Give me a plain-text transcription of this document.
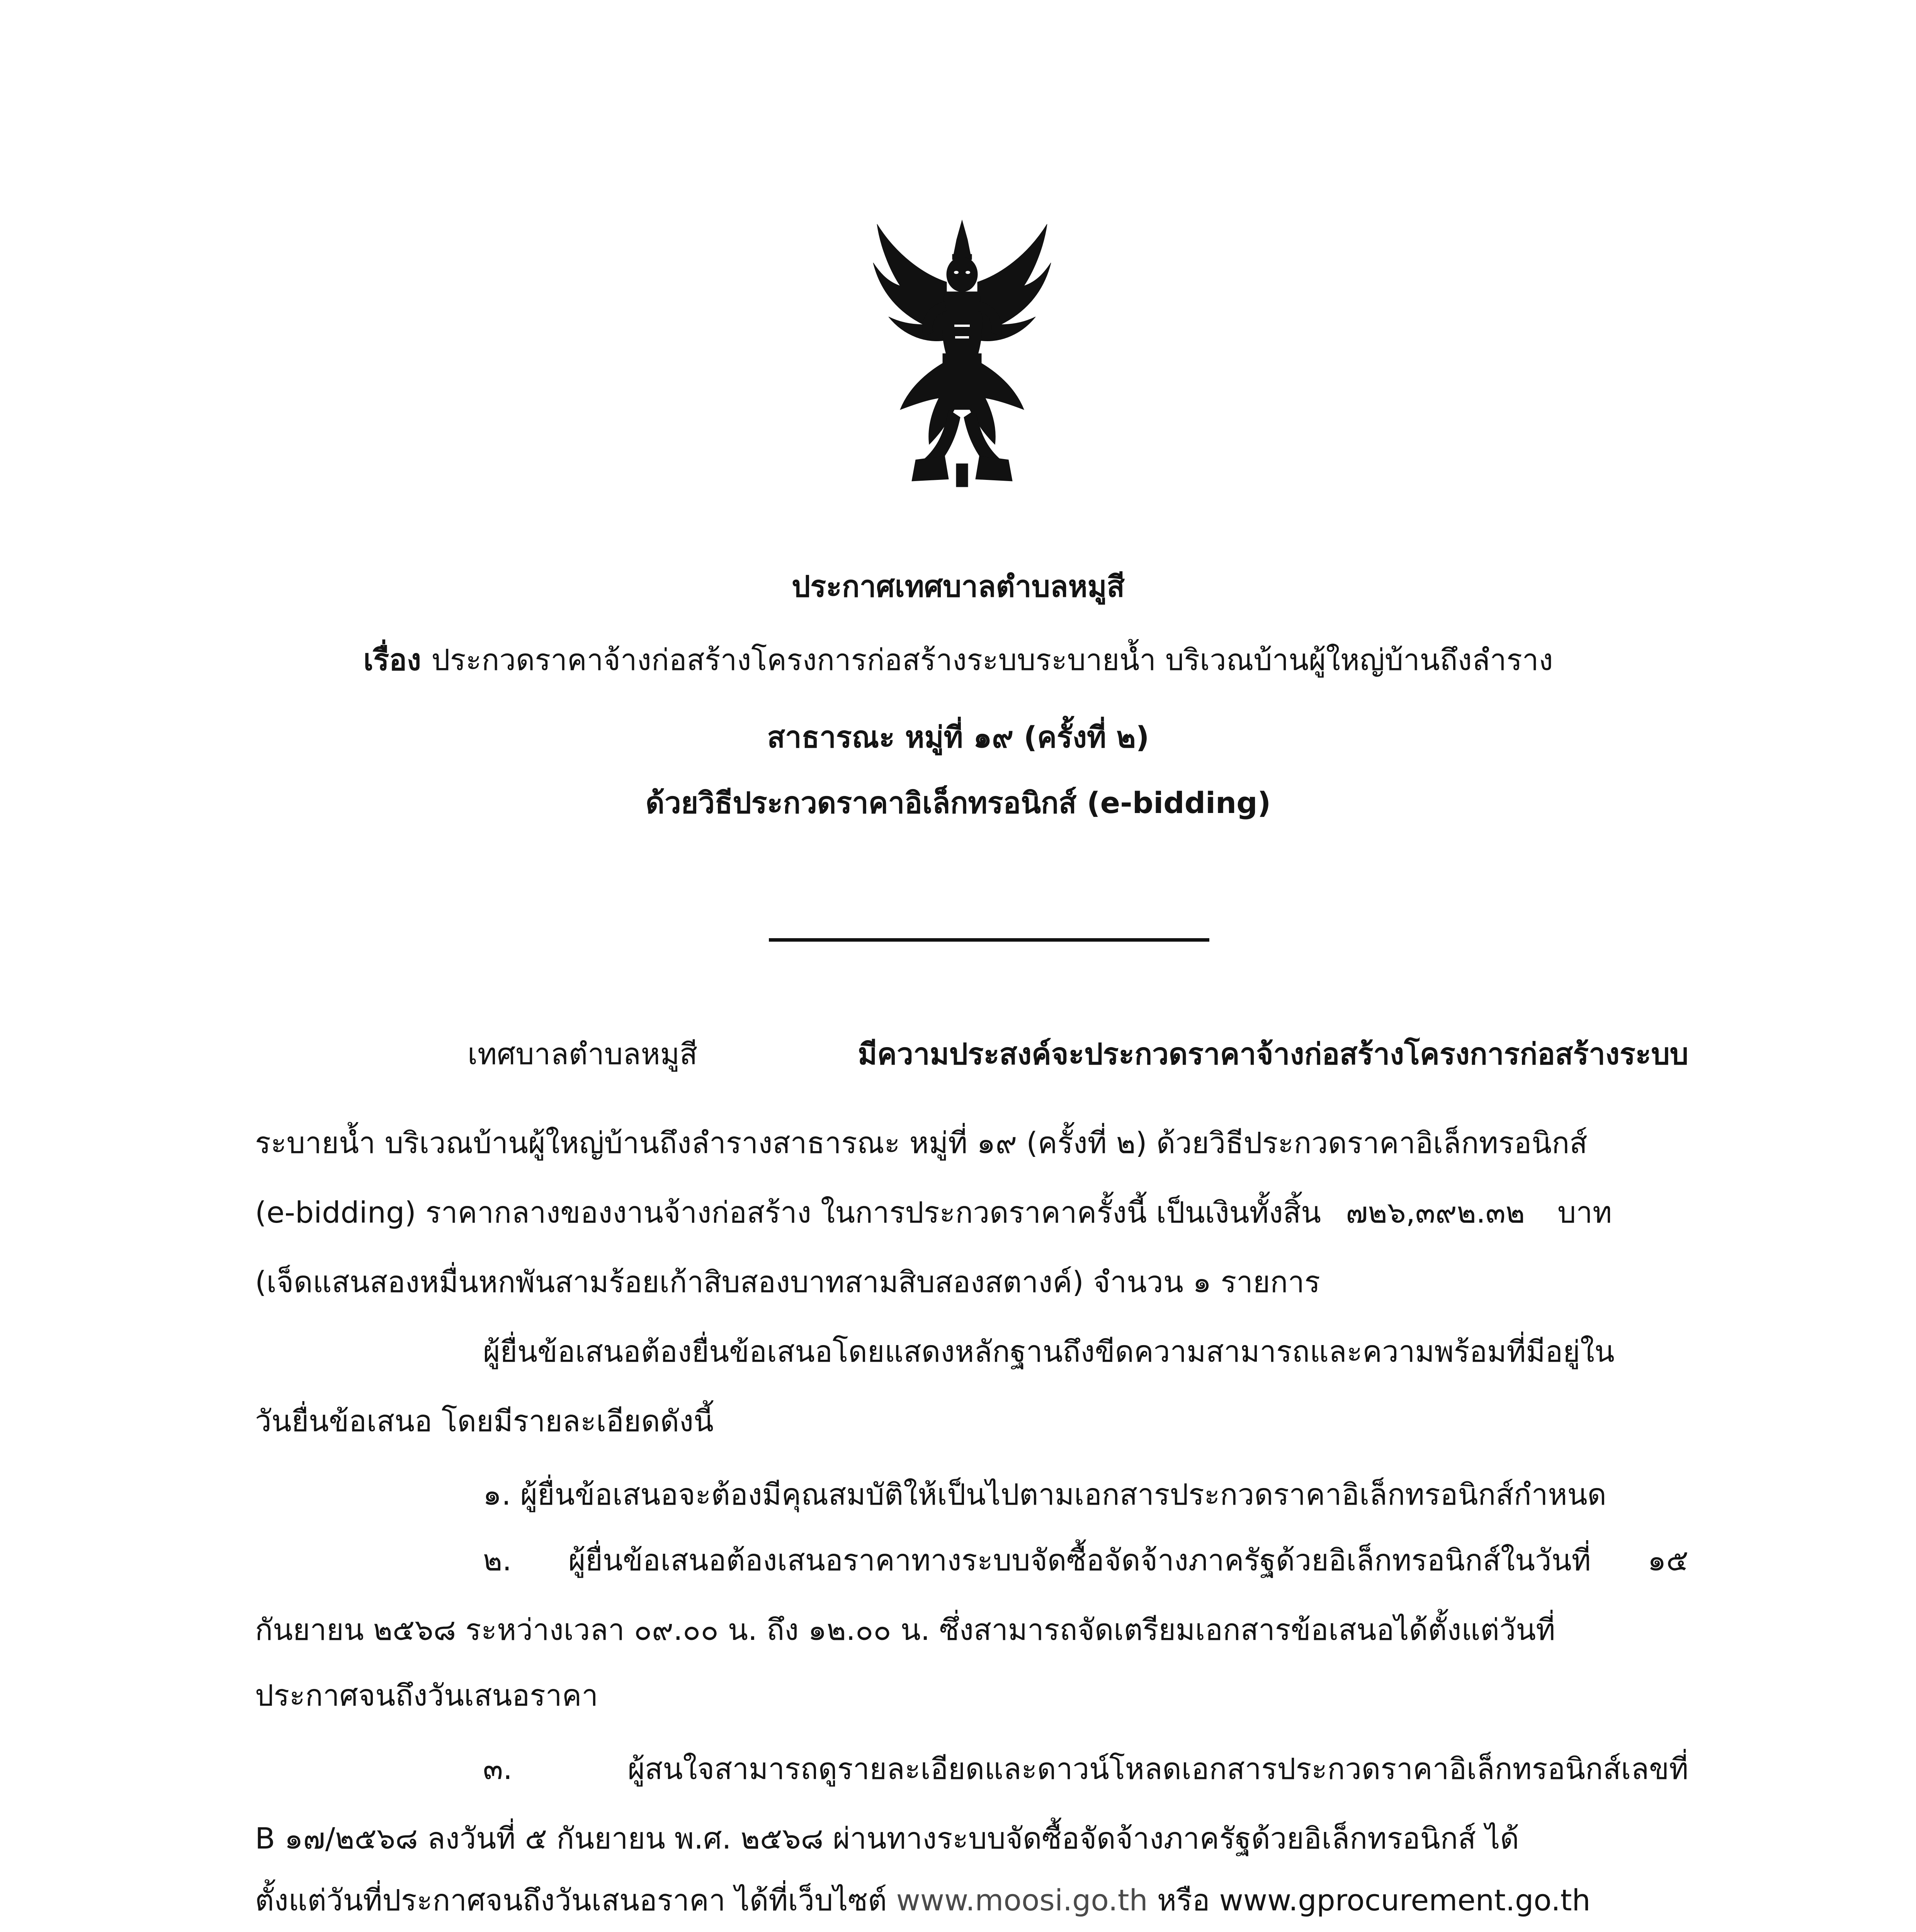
ประกาศเทศบาลตำบลหมูสี
เรื่อง ประกวดราคาจ้างก่อสร้างโครงการก่อสร้างระบบระบายน้ำ บริเวณบ้านผู้ใหญ่บ้านถึงลำราง
สาธารณะ หมู่ที่ ๑๙ (ครั้งที่ ๒)
ด้วยวิธีประกวดราคาอิเล็กทรอนิกส์ (e-bidding)
เทศบาลตำบลหมูสี มีความประสงค์จะประกวดราคาจ้างก่อสร้างโครงการก่อสร้างระบบ
ระบายน้ำ บริเวณบ้านผู้ใหญ่บ้านถึงลำรางสาธารณะ หมู่ที่ ๑๙ (ครั้งที่ ๒) ด้วยวิธีประกวดราคาอิเล็กทรอนิกส์
(e-bidding) ราคากลางของงานจ้างก่อสร้าง ในการประกวดราคาครั้งนี้ เป็นเงินทั้งสิ้น ๗๒๖,๓๙๒.๓๒ บาท
(เจ็ดแสนสองหมื่นหกพันสามร้อยเก้าสิบสองบาทสามสิบสองสตางค์) จำนวน ๑ รายการ
ผู้ยื่นข้อเสนอต้องยื่นข้อเสนอโดยแสดงหลักฐานถึงขีดความสามารถและความพร้อมที่มีอยู่ใน
วันยื่นข้อเสนอ โดยมีรายละเอียดดังนี้
๑. ผู้ยื่นข้อเสนอจะต้องมีคุณสมบัติให้เป็นไปตามเอกสารประกวดราคาอิเล็กทรอนิกส์กำหนด
๒. ผู้ยื่นข้อเสนอต้องเสนอราคาทางระบบจัดซื้อจัดจ้างภาครัฐด้วยอิเล็กทรอนิกส์ในวันที่ ๑๕
กันยายน ๒๕๖๘ ระหว่างเวลา ๐๙.๐๐ น. ถึง ๑๒.๐๐ น. ซึ่งสามารถจัดเตรียมเอกสารข้อเสนอได้ตั้งแต่วันที่
ประกาศจนถึงวันเสนอราคา
๓. ผู้สนใจสามารถดูรายละเอียดและดาวน์โหลดเอกสารประกวดราคาอิเล็กทรอนิกส์เลขที่
B ๑๗/๒๕๖๘ ลงวันที่ ๕ กันยายน พ.ศ. ๒๕๖๘ ผ่านทางระบบจัดซื้อจัดจ้างภาครัฐด้วยอิเล็กทรอนิกส์ ได้
ตั้งแต่วันที่ประกาศจนถึงวันเสนอราคา ได้ที่เว็บไซต์ www.moosi.go.th หรือ www.gprocurement.go.th
